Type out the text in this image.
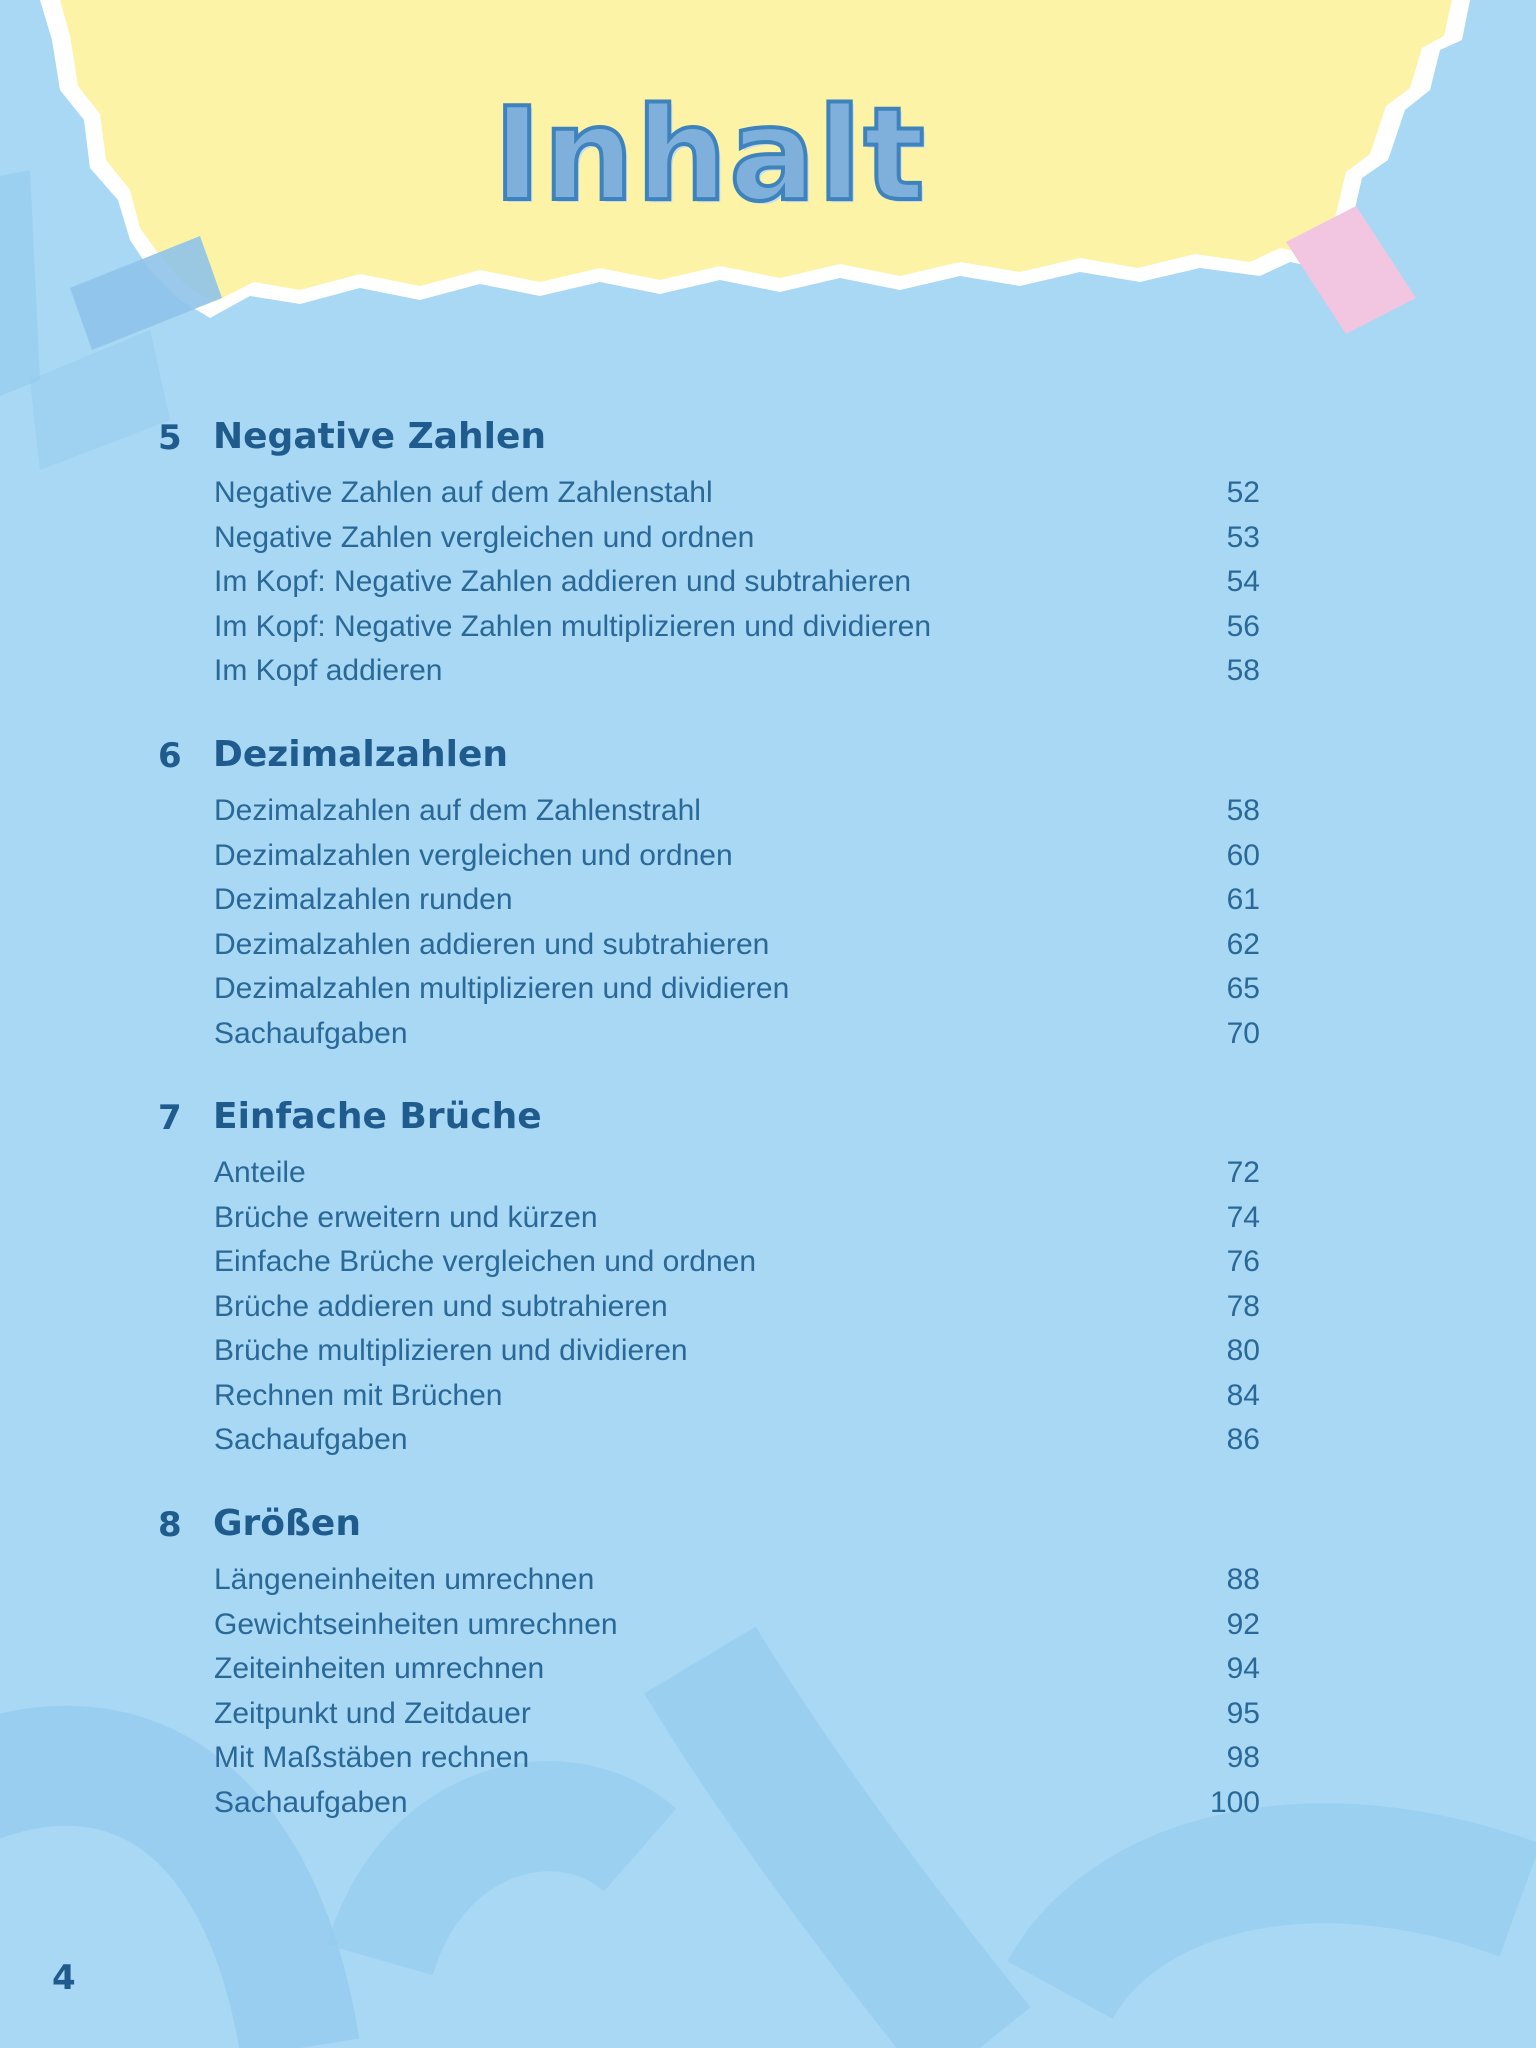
Inhalt
5 Negative Zahlen
Negative Zahlen auf dem Zahlenstahl	52
Negative Zahlen vergleichen und ordnen	53
Im Kopf: Negative Zahlen addieren und subtrahieren	54
Im Kopf: Negative Zahlen multiplizieren und dividieren	56
Im Kopf addieren	58
6 Dezimalzahlen
Dezimalzahlen auf dem Zahlenstrahl	58
Dezimalzahlen vergleichen und ordnen	60
Dezimalzahlen runden	61
Dezimalzahlen addieren und subtrahieren	62
Dezimalzahlen multiplizieren und dividieren	65
Sachaufgaben	70
7 Einfache Brüche
Anteile	72
Brüche erweitern und kürzen	74
Einfache Brüche vergleichen und ordnen	76
Brüche addieren und subtrahieren	78
Brüche multiplizieren und dividieren	80
Rechnen mit Brüchen	84
Sachaufgaben	86
8 Größen
Längeneinheiten umrechnen	88
Gewichtseinheiten umrechnen	92
Zeiteinheiten umrechnen	94
Zeitpunkt und Zeitdauer	95
Mit Maßstäben rechnen	98
Sachaufgaben	100
4
